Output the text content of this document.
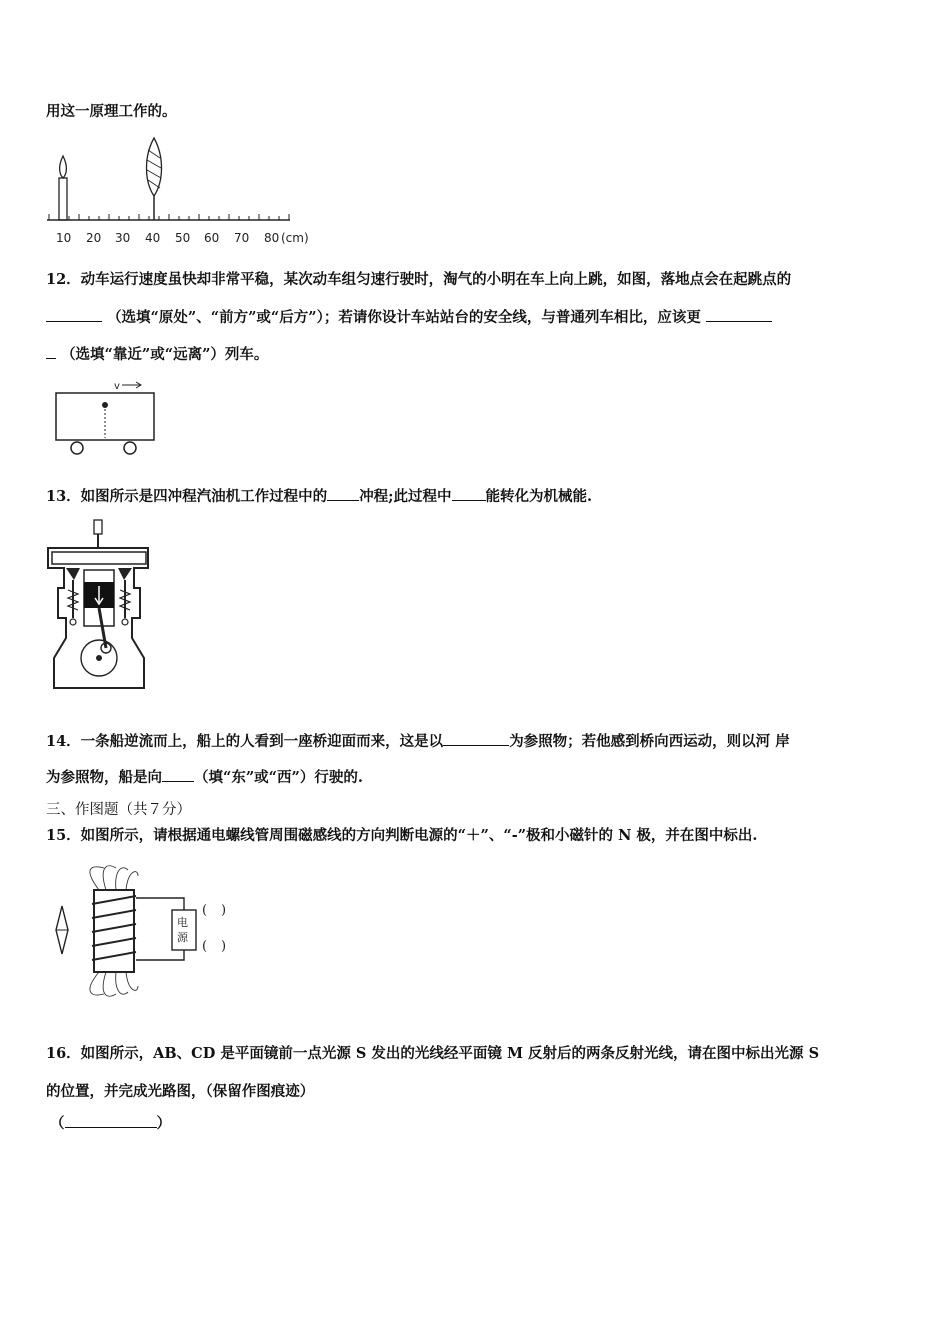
用这一原理工作的。
10 20 30 40 50 60 70 80 (cm)
12．动车运行速度虽快却非常平稳，某次动车组匀速行驶时，淘气的小明在车上向上跳，如图，落地点会在起跳点的
（选填“原处”、“前方”或“后方”）；若请你设计车站站台的安全线，与普通列车相比，应该更
（选填“靠近”或“远离”）列车。
v
13．如图所示是四冲程汽油机工作过程中的 冲程;此过程中 能转化为机械能.
14．一条船逆流而上，船上的人看到一座桥迎面而来，这是以	为参照物；若他感到桥向西运动，则以河 岸
为参照物，船是向 （填“东”或“西”）行驶的.
三、作图题（共７分）
15．如图所示，请根据通电螺线管周围磁感线的方向判断电源的“＋”、“-”极和小磁针的 N 极，并在图中标出.
电
源
( )
( )
16．如图所示，AB、CD 是平面镜前一点光源 S 发出的光线经平面镜 M 反射后的两条反射光线，请在图中标出光源 S
的位置，并完成光路图，（保留作图痕迹）
（	）
